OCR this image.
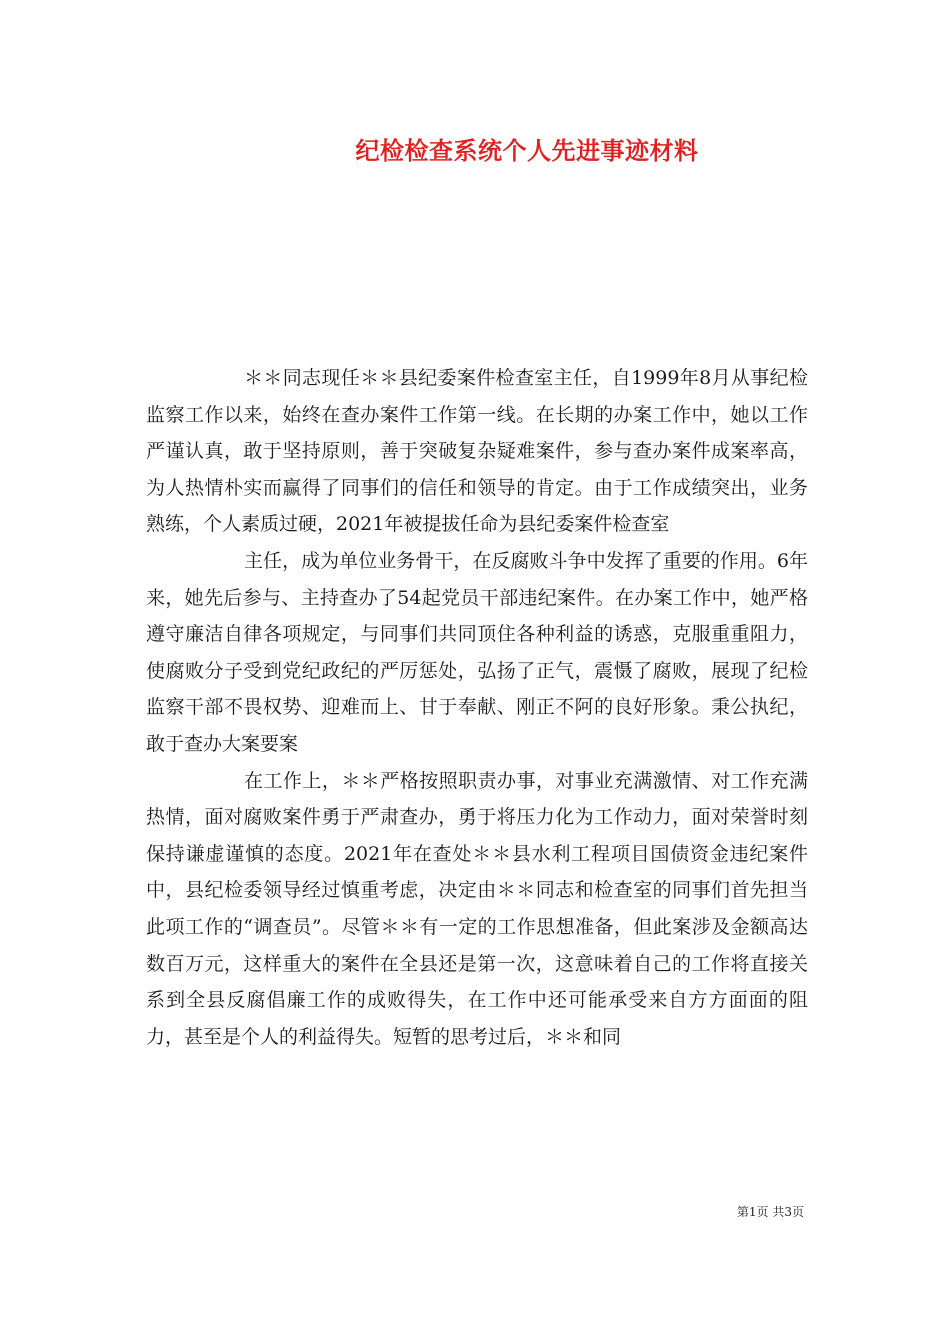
纪检检查系统个人先进事迹材料

＊＊同志现任＊＊县纪委案件检查室主任，自1999年8月从事纪检监察工作以来，始终在查办案件工作第一线。在长期的办案工作中，她以工作严谨认真，敢于坚持原则，善于突破复杂疑难案件，参与查办案件成案率高，为人热情朴实而赢得了同事们的信任和领导的肯定。由于工作成绩突出，业务熟练，个人素质过硬，2021年被提拔任命为县纪委案件检查室

主任，成为单位业务骨干，在反腐败斗争中发挥了重要的作用。6年来，她先后参与、主持查办了54起党员干部违纪案件。在办案工作中，她严格遵守廉洁自律各项规定，与同事们共同顶住各种利益的诱惑，克服重重阻力，使腐败分子受到党纪政纪的严厉惩处，弘扬了正气，震慑了腐败，展现了纪检监察干部不畏权势、迎难而上、甘于奉献、刚正不阿的良好形象。秉公执纪，敢于查办大案要案

在工作上，＊＊严格按照职责办事，对事业充满激情、对工作充满热情，面对腐败案件勇于严肃查办，勇于将压力化为工作动力，面对荣誉时刻保持谦虚谨慎的态度。2021年在查处＊＊县水利工程项目国债资金违纪案件中，县纪检委领导经过慎重考虑，决定由＊＊同志和检查室的同事们首先担当此项工作的“调查员”。尽管＊＊有一定的工作思想准备，但此案涉及金额高达数百万元，这样重大的案件在全县还是第一次，这意味着自己的工作将直接关系到全县反腐倡廉工作的成败得失，在工作中还可能承受来自方方面面的阻力，甚至是个人的利益得失。短暂的思考过后，＊＊和同

第1页 共3页
